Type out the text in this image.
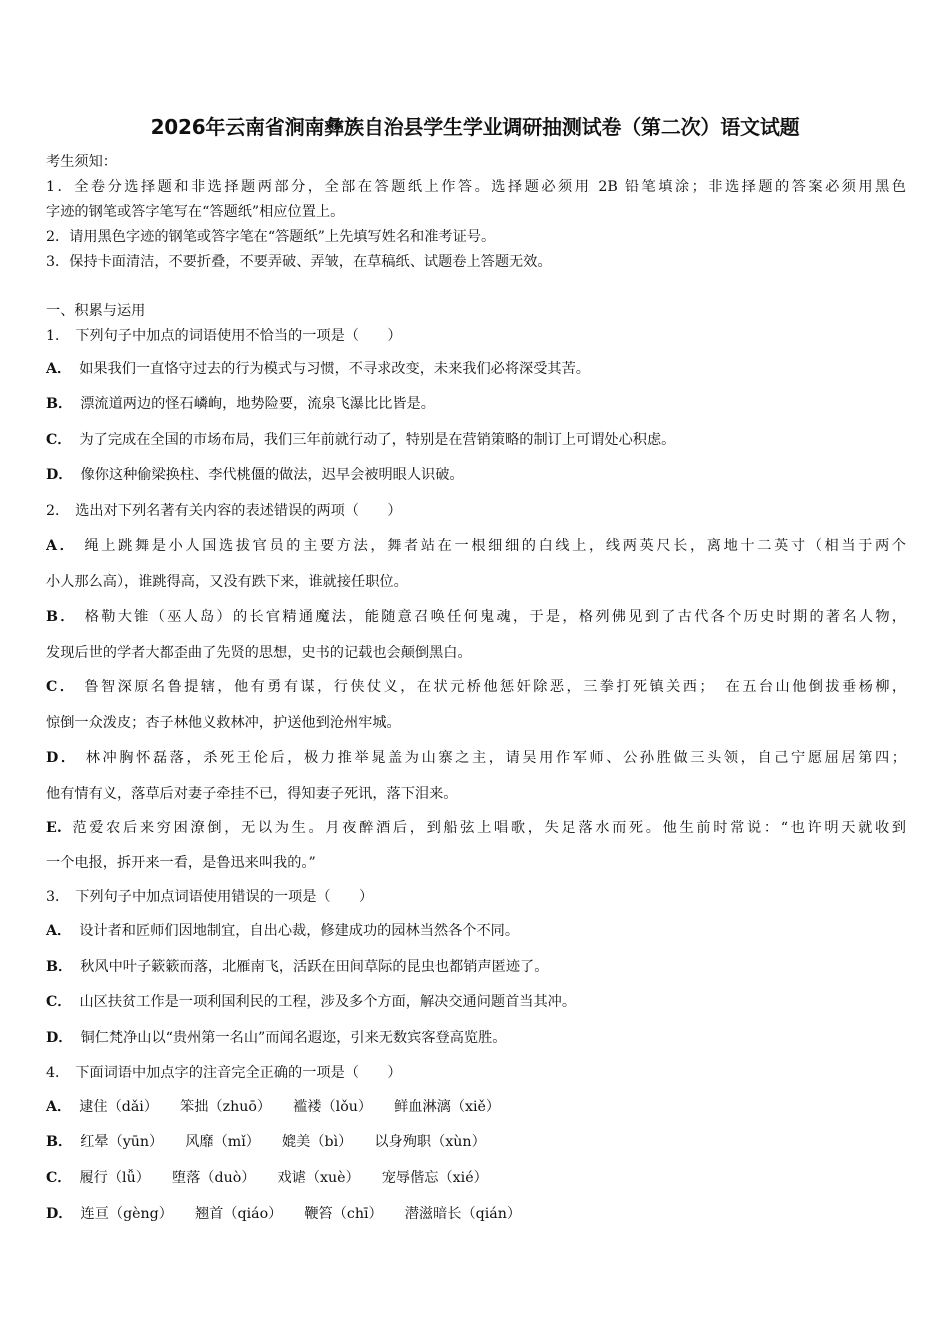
2026年云南省涧南彝族自治县学生学业调研抽测试卷（第二次）语文试题
考生须知：
1．全卷分选择题和非选择题两部分，全部在答题纸上作答。选择题必须用 2B 铅笔填涂；非选择题的答案必须用黑色
字迹的钢笔或答字笔写在“答题纸”相应位置上。
2．请用黑色字迹的钢笔或答字笔在“答题纸”上先填写姓名和准考证号。
3．保持卡面清洁，不要折叠，不要弄破、弄皱，在草稿纸、试题卷上答题无效。
一、积累与运用
1． 下列句子中加点的词语使用不恰当的一项是（　　）
A． 如果我们一直恪守过去的行为模式与习惯，不寻求改变，未来我们必将深受其苦。
B． 漂流道两边的怪石嶙峋，地势险要，流泉飞瀑比比皆是。
C． 为了完成在全国的市场布局，我们三年前就行动了，特别是在营销策略的制订上可谓处心积虑。
D． 像你这种偷梁换柱、李代桃僵的做法，迟早会被明眼人识破。
2． 选出对下列名著有关内容的表述错误的两项（　　）
A． 绳上跳舞是小人国选拔官员的主要方法，舞者站在一根细细的白线上，线两英尺长，离地十二英寸（相当于两个
小人那么高），谁跳得高，又没有跌下来，谁就接任职位。
B． 格勒大锥（巫人岛）的长官精通魔法，能随意召唤任何鬼魂，于是，格列佛见到了古代各个历史时期的著名人物，
发现后世的学者大都歪曲了先贤的思想，史书的记载也会颠倒黑白。
C． 鲁智深原名鲁提辖，他有勇有谋，行侠仗义，在状元桥他惩奸除恶，三拳打死镇关西；　在五台山他倒拔垂杨柳，
惊倒一众泼皮；杏子林他义救林冲，护送他到沧州牢城。
D． 林冲胸怀磊落，杀死王伦后，极力推举晁盖为山寨之主，请吴用作军师、公孙胜做三头领，自己宁愿屈居第四；
他有情有义，落草后对妻子牵挂不已，得知妻子死讯，落下泪来。
E. 范爱农后来穷困潦倒，无以为生。月夜醉酒后，到船弦上唱歌，失足落水而死。他生前时常说：“也许明天就收到
一个电报，拆开来一看，是鲁迅来叫我的。”
3． 下列句子中加点词语使用错误的一项是（　　）
A． 设计者和匠师们因地制宜，自出心裁，修建成功的园林当然各个不同。
B． 秋风中叶子簌簌而落，北雁南飞，活跃在田间草际的昆虫也都销声匿迹了。
C． 山区扶贫工作是一项利国利民的工程，涉及多个方面，解决交通问题首当其冲。
D． 铜仁梵净山以“贵州第一名山”而闻名遐迩，引来无数宾客登高览胜。
4． 下面词语中加点字的注音完全正确的一项是（　　）
A． 逮住（dǎi） 笨拙（zhuō） 褴褛（lǒu） 鲜血淋漓（xiě）
B． 红晕（yūn） 风靡（mǐ） 媲美（bì） 以身殉职（xùn）
C． 履行（lǚ） 堕落（duò） 戏谑（xuè） 宠辱偕忘（xié）
D． 连亘（gèng） 翘首（qiáo） 鞭笞（chī） 潜滋暗长（qián）
